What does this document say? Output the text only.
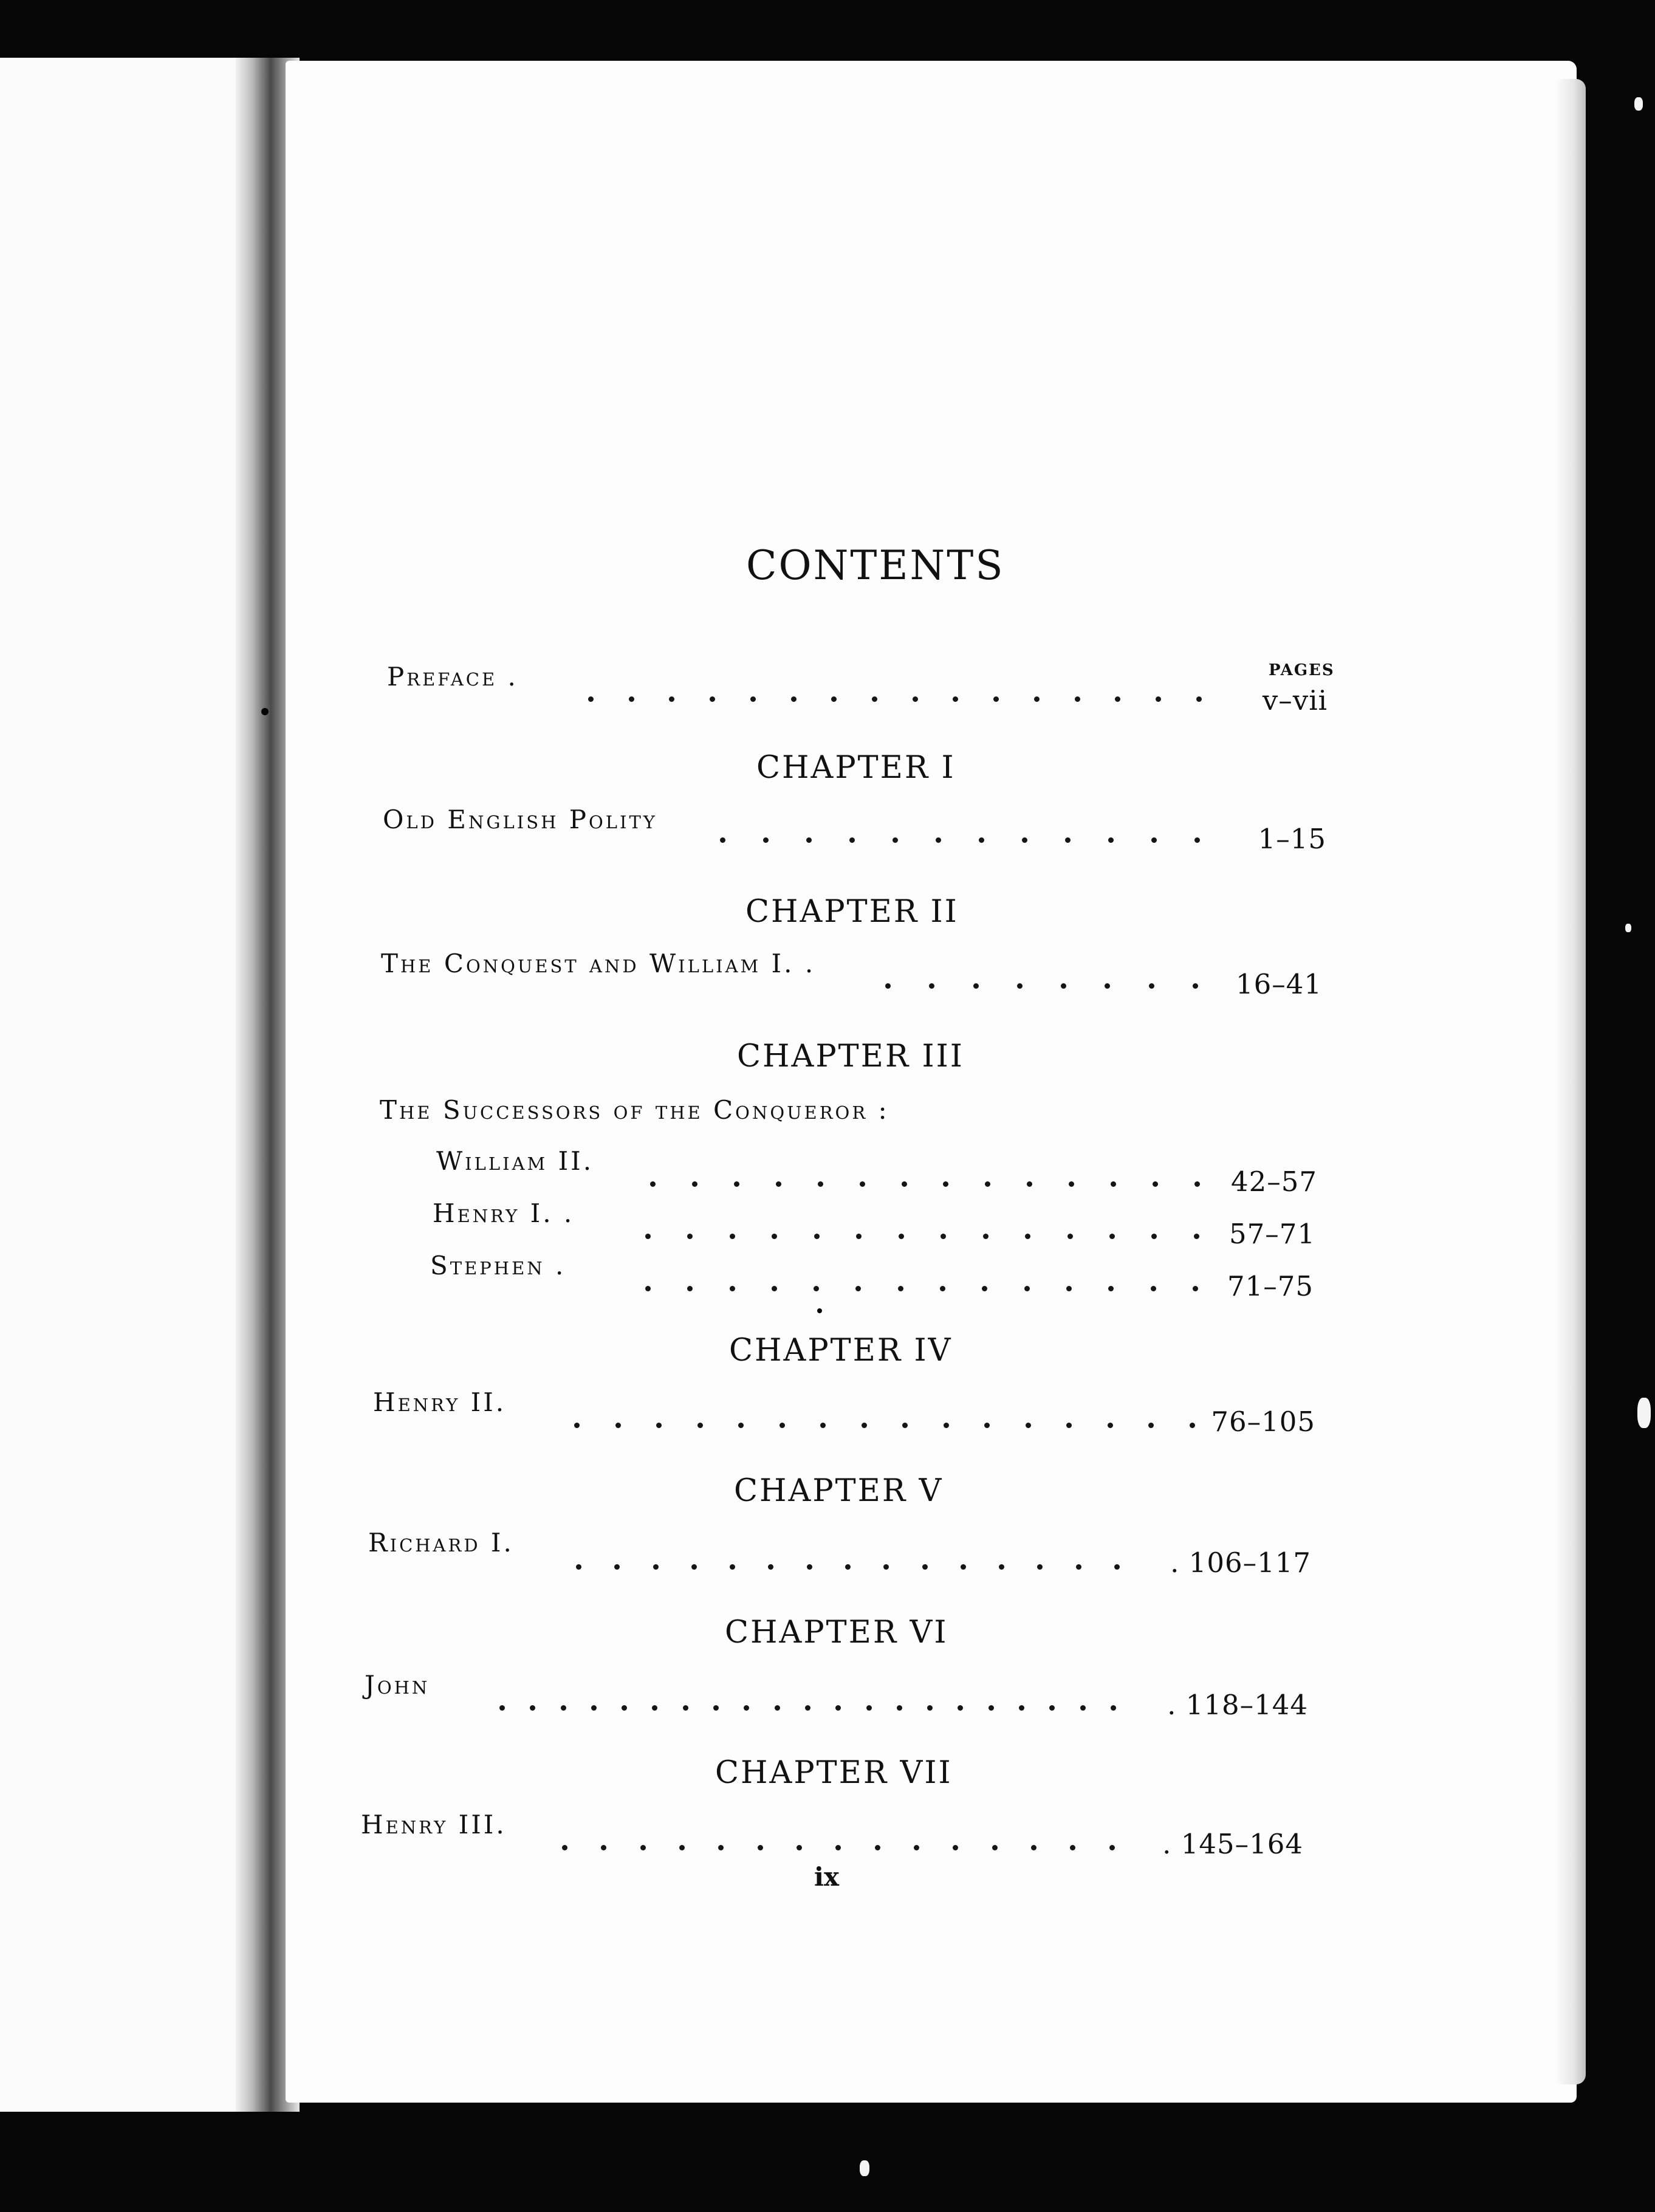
CONTENTS
PAGES
Preface .
v–vii
CHAPTER I
Old English Polity
1–15
CHAPTER II
The Conquest and William I. .
16–41
CHAPTER III
The Successors of the Conqueror :
William II.
42–57
Henry I. .
57–71
Stephen .
71–75
CHAPTER IV
Henry II.
76–105
CHAPTER V
Richard I.
. 106–117
CHAPTER VI
John
. 118–144
CHAPTER VII
Henry III.
. 145–164
ix
